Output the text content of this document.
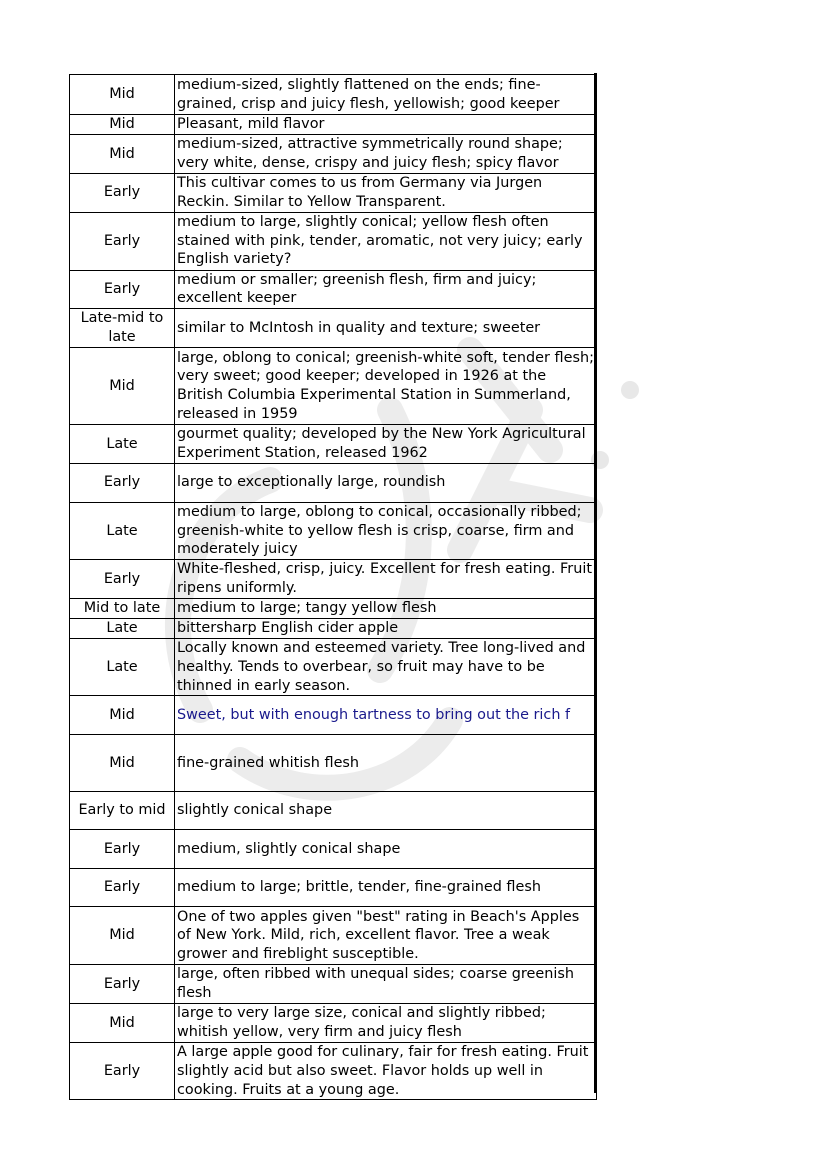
Mid	medium-sized, slightly flattened on the ends; fine-grained, crisp and juicy flesh, yellowish; good keeper
Mid	Pleasant, mild flavor
Mid	medium-sized, attractive symmetrically round shape; very white, dense, crispy and juicy flesh; spicy flavor
Early	This cultivar comes to us from Germany via Jurgen Reckin. Similar to Yellow Transparent.
Early	medium to large, slightly conical; yellow flesh often stained with pink, tender, aromatic, not very juicy; early English variety?
Early	medium or smaller; greenish flesh, firm and juicy; excellent keeper
Late-mid to late	similar to McIntosh in quality and texture; sweeter
Mid	large, oblong to conical; greenish-white soft, tender flesh; very sweet; good keeper; developed in 1926 at the British Columbia Experimental Station in Summerland, released in 1959
Late	gourmet quality; developed by the New York Agricultural Experiment Station, released 1962
Early	large to exceptionally large, roundish
Late	medium to large, oblong to conical, occasionally ribbed; greenish-white to yellow flesh is crisp, coarse, firm and moderately juicy
Early	White-fleshed, crisp, juicy. Excellent for fresh eating. Fruit ripens uniformly.
Mid to late	medium to large; tangy yellow flesh
Late	bittersharp English cider apple
Late	Locally known and esteemed variety. Tree long-lived and healthy. Tends to overbear, so fruit may have to be thinned in early season.
Mid	Sweet, but with enough tartness to bring out the rich f
Mid	fine-grained whitish flesh
Early to mid	slightly conical shape
Early	medium, slightly conical shape
Early	medium to large; brittle, tender, fine-grained flesh
Mid	One of two apples given "best" rating in Beach's Apples of New York. Mild, rich, excellent flavor. Tree a weak grower and fireblight susceptible.
Early	large, often ribbed with unequal sides; coarse greenish flesh
Mid	large to very large size, conical and slightly ribbed; whitish yellow, very firm and juicy flesh
Early	A large apple good for culinary, fair for fresh eating. Fruit slightly acid but also sweet. Flavor holds up well in cooking. Fruits at a young age.
